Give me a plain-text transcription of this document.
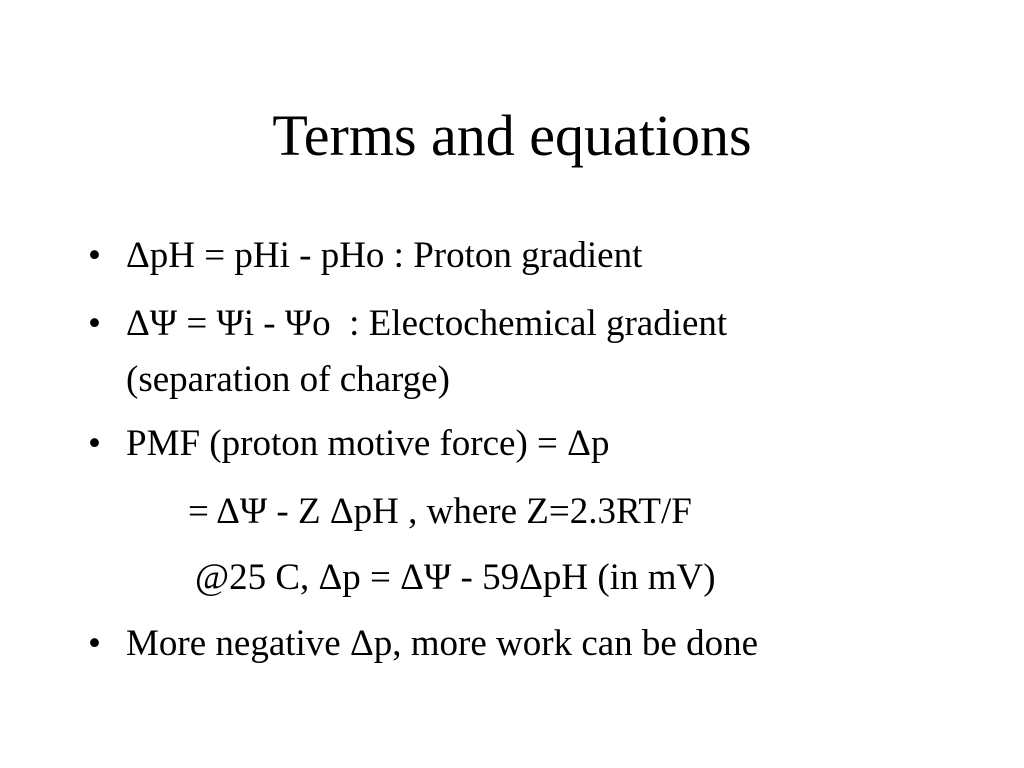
Terms and equations
• ΔpH = pHi - pHo : Proton gradient
• ΔΨ = Ψi - Ψo  : Electochemical gradient
(separation of charge)
• PMF (proton motive force) = Δp
= ΔΨ - Z ΔpH , where Z=2.3RT/F
@25 C, Δp = ΔΨ - 59ΔpH (in mV)
• More negative Δp, more work can be done
